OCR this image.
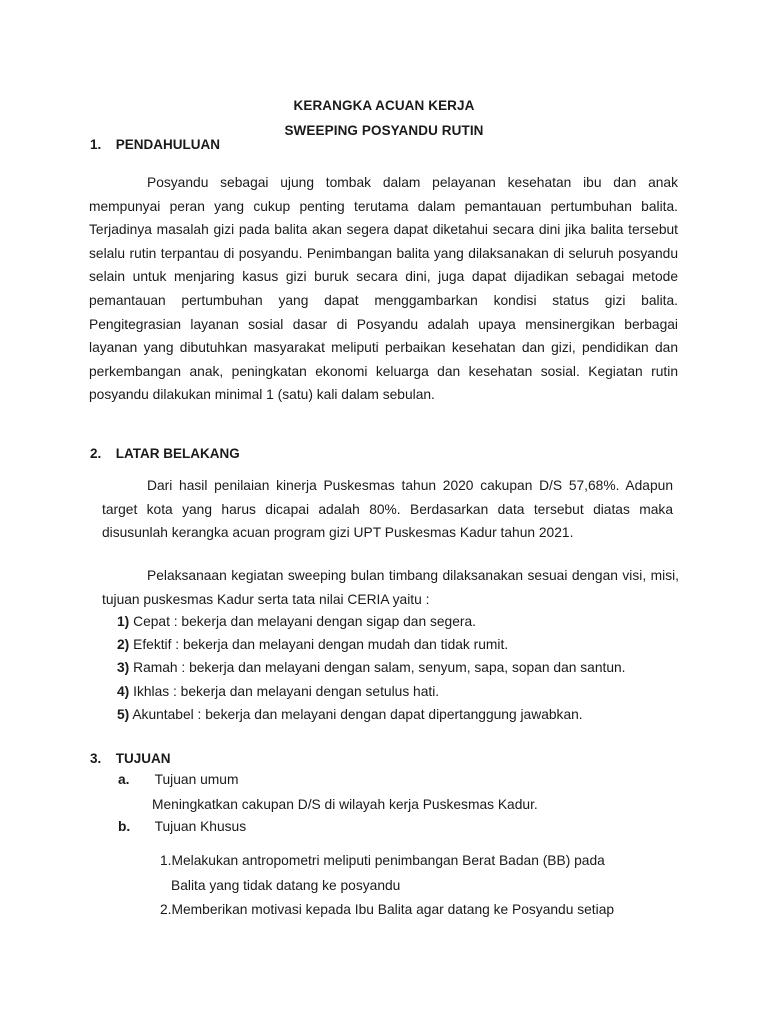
KERANGKA ACUAN KERJA
SWEEPING POSYANDU RUTIN
1. PENDAHULUAN

Posyandu sebagai ujung tombak dalam pelayanan kesehatan ibu dan anak mempunyai peran yang cukup penting terutama dalam pemantauan pertumbuhan balita. Terjadinya masalah gizi pada balita akan segera dapat diketahui secara dini jika balita tersebut selalu rutin terpantau di posyandu. Penimbangan balita yang dilaksanakan di seluruh posyandu selain untuk menjaring kasus gizi buruk secara dini, juga dapat dijadikan sebagai metode pemantauan pertumbuhan yang dapat menggambarkan kondisi status gizi balita. Pengitegrasian layanan sosial dasar di Posyandu adalah upaya mensinergikan berbagai layanan yang dibutuhkan masyarakat meliputi perbaikan kesehatan dan gizi, pendidikan dan perkembangan anak, peningkatan ekonomi keluarga dan kesehatan sosial. Kegiatan rutin posyandu dilakukan minimal 1 (satu) kali dalam sebulan.

2. LATAR BELAKANG

Dari hasil penilaian kinerja Puskesmas tahun 2020 cakupan D/S 57,68%. Adapun target kota yang harus dicapai adalah 80%. Berdasarkan data tersebut diatas maka disusunlah kerangka acuan program gizi UPT Puskesmas Kadur tahun 2021.

Pelaksanaan kegiatan sweeping bulan timbang dilaksanakan sesuai dengan visi, misi, tujuan puskesmas Kadur serta tata nilai CERIA yaitu :

1) Cepat : bekerja dan melayani dengan sigap dan segera.
2) Efektif : bekerja dan melayani dengan mudah dan tidak rumit.
3) Ramah : bekerja dan melayani dengan salam, senyum, sapa, sopan dan santun.
4) Ikhlas : bekerja dan melayani dengan setulus hati.
5) Akuntabel : bekerja dan melayani dengan dapat dipertanggung jawabkan.
3. TUJUAN
a. Tujuan umum
Meningkatkan cakupan D/S di wilayah kerja Puskesmas Kadur.
b. Tujuan Khusus
1.Melakukan antropometri meliputi penimbangan Berat Badan (BB) pada
Balita yang tidak datang ke posyandu
2.Memberikan motivasi kepada Ibu Balita agar datang ke Posyandu setiap
